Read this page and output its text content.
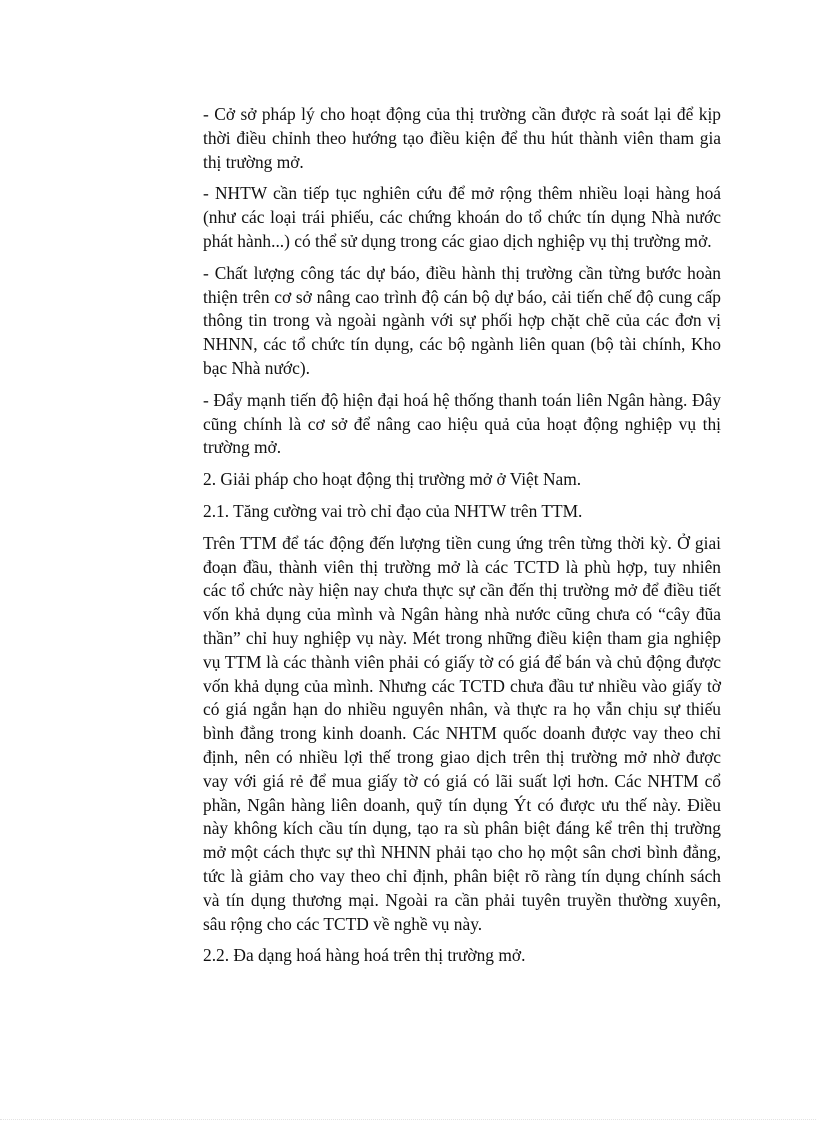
- Cở sở pháp lý cho hoạt động của thị trường cần được rà soát lại để kịp thời điều chỉnh theo hướng tạo điều kiện để thu hút thành viên tham gia thị trường mở.

- NHTW cần tiếp tục nghiên cứu để mở rộng thêm nhiều loại hàng hoá (như các loại trái phiếu, các chứng khoán do tổ chức tín dụng Nhà nước phát hành...) có thể sử dụng trong các giao dịch nghiệp vụ thị trường mở.

- Chất lượng công tác dự báo, điều hành thị trường cần từng bước hoàn thiện trên cơ sở nâng cao trình độ cán bộ dự báo, cải tiến chế độ cung cấp thông tin trong và ngoài ngành với sự phối hợp chặt chẽ của các đơn vị NHNN, các tổ chức tín dụng, các bộ ngành liên quan (bộ tài chính, Kho bạc Nhà nước).

- Đẩy mạnh tiến độ hiện đại hoá hệ thống thanh toán liên Ngân hàng. Đây cũng chính là cơ sở để nâng cao hiệu quả của hoạt động nghiệp vụ thị trường mở.

2. Giải pháp cho hoạt động thị trường mở ở Việt Nam.

2.1. Tăng cường vai trò chỉ đạo của NHTW trên TTM.

Trên TTM để tác động đến lượng tiền cung ứng trên từng thời kỳ. Ở giai đoạn đầu, thành viên thị trường mở là các TCTD là phù hợp, tuy nhiên các tổ chức này hiện nay chưa thực sự cần đến thị trường mở để điều tiết vốn khả dụng của mình và Ngân hàng nhà nước cũng chưa có “cây đũa thần” chỉ huy nghiệp vụ này. Mét trong những điều kiện tham gia nghiệp vụ TTM là các thành viên phải có giấy tờ có giá để bán và chủ động được vốn khả dụng của mình. Nhưng các TCTD chưa đầu tư nhiều vào giấy tờ có giá ngắn hạn do nhiều nguyên nhân, và thực ra họ vẫn chịu sự thiếu bình đẳng trong kinh doanh. Các NHTM quốc doanh được vay theo chỉ định, nên có nhiều lợi thế trong giao dịch trên thị trường mở nhờ được vay với giá rẻ để mua giấy tờ có giá có lãi suất lợi hơn. Các NHTM cổ phần, Ngân hàng liên doanh, quỹ tín dụng Ýt có được ưu thế này. Điều này không kích cầu tín dụng, tạo ra sù phân biệt đáng kể trên thị trường mở một cách thực sự thì NHNN phải tạo cho họ một sân chơi bình đẳng, tức là giảm cho vay theo chỉ định, phân biệt rõ ràng tín dụng chính sách và tín dụng thương mại. Ngoài ra cần phải tuyên truyền thường xuyên, sâu rộng cho các TCTD về nghề vụ này.

2.2. Đa dạng hoá hàng hoá trên thị trường mở.
